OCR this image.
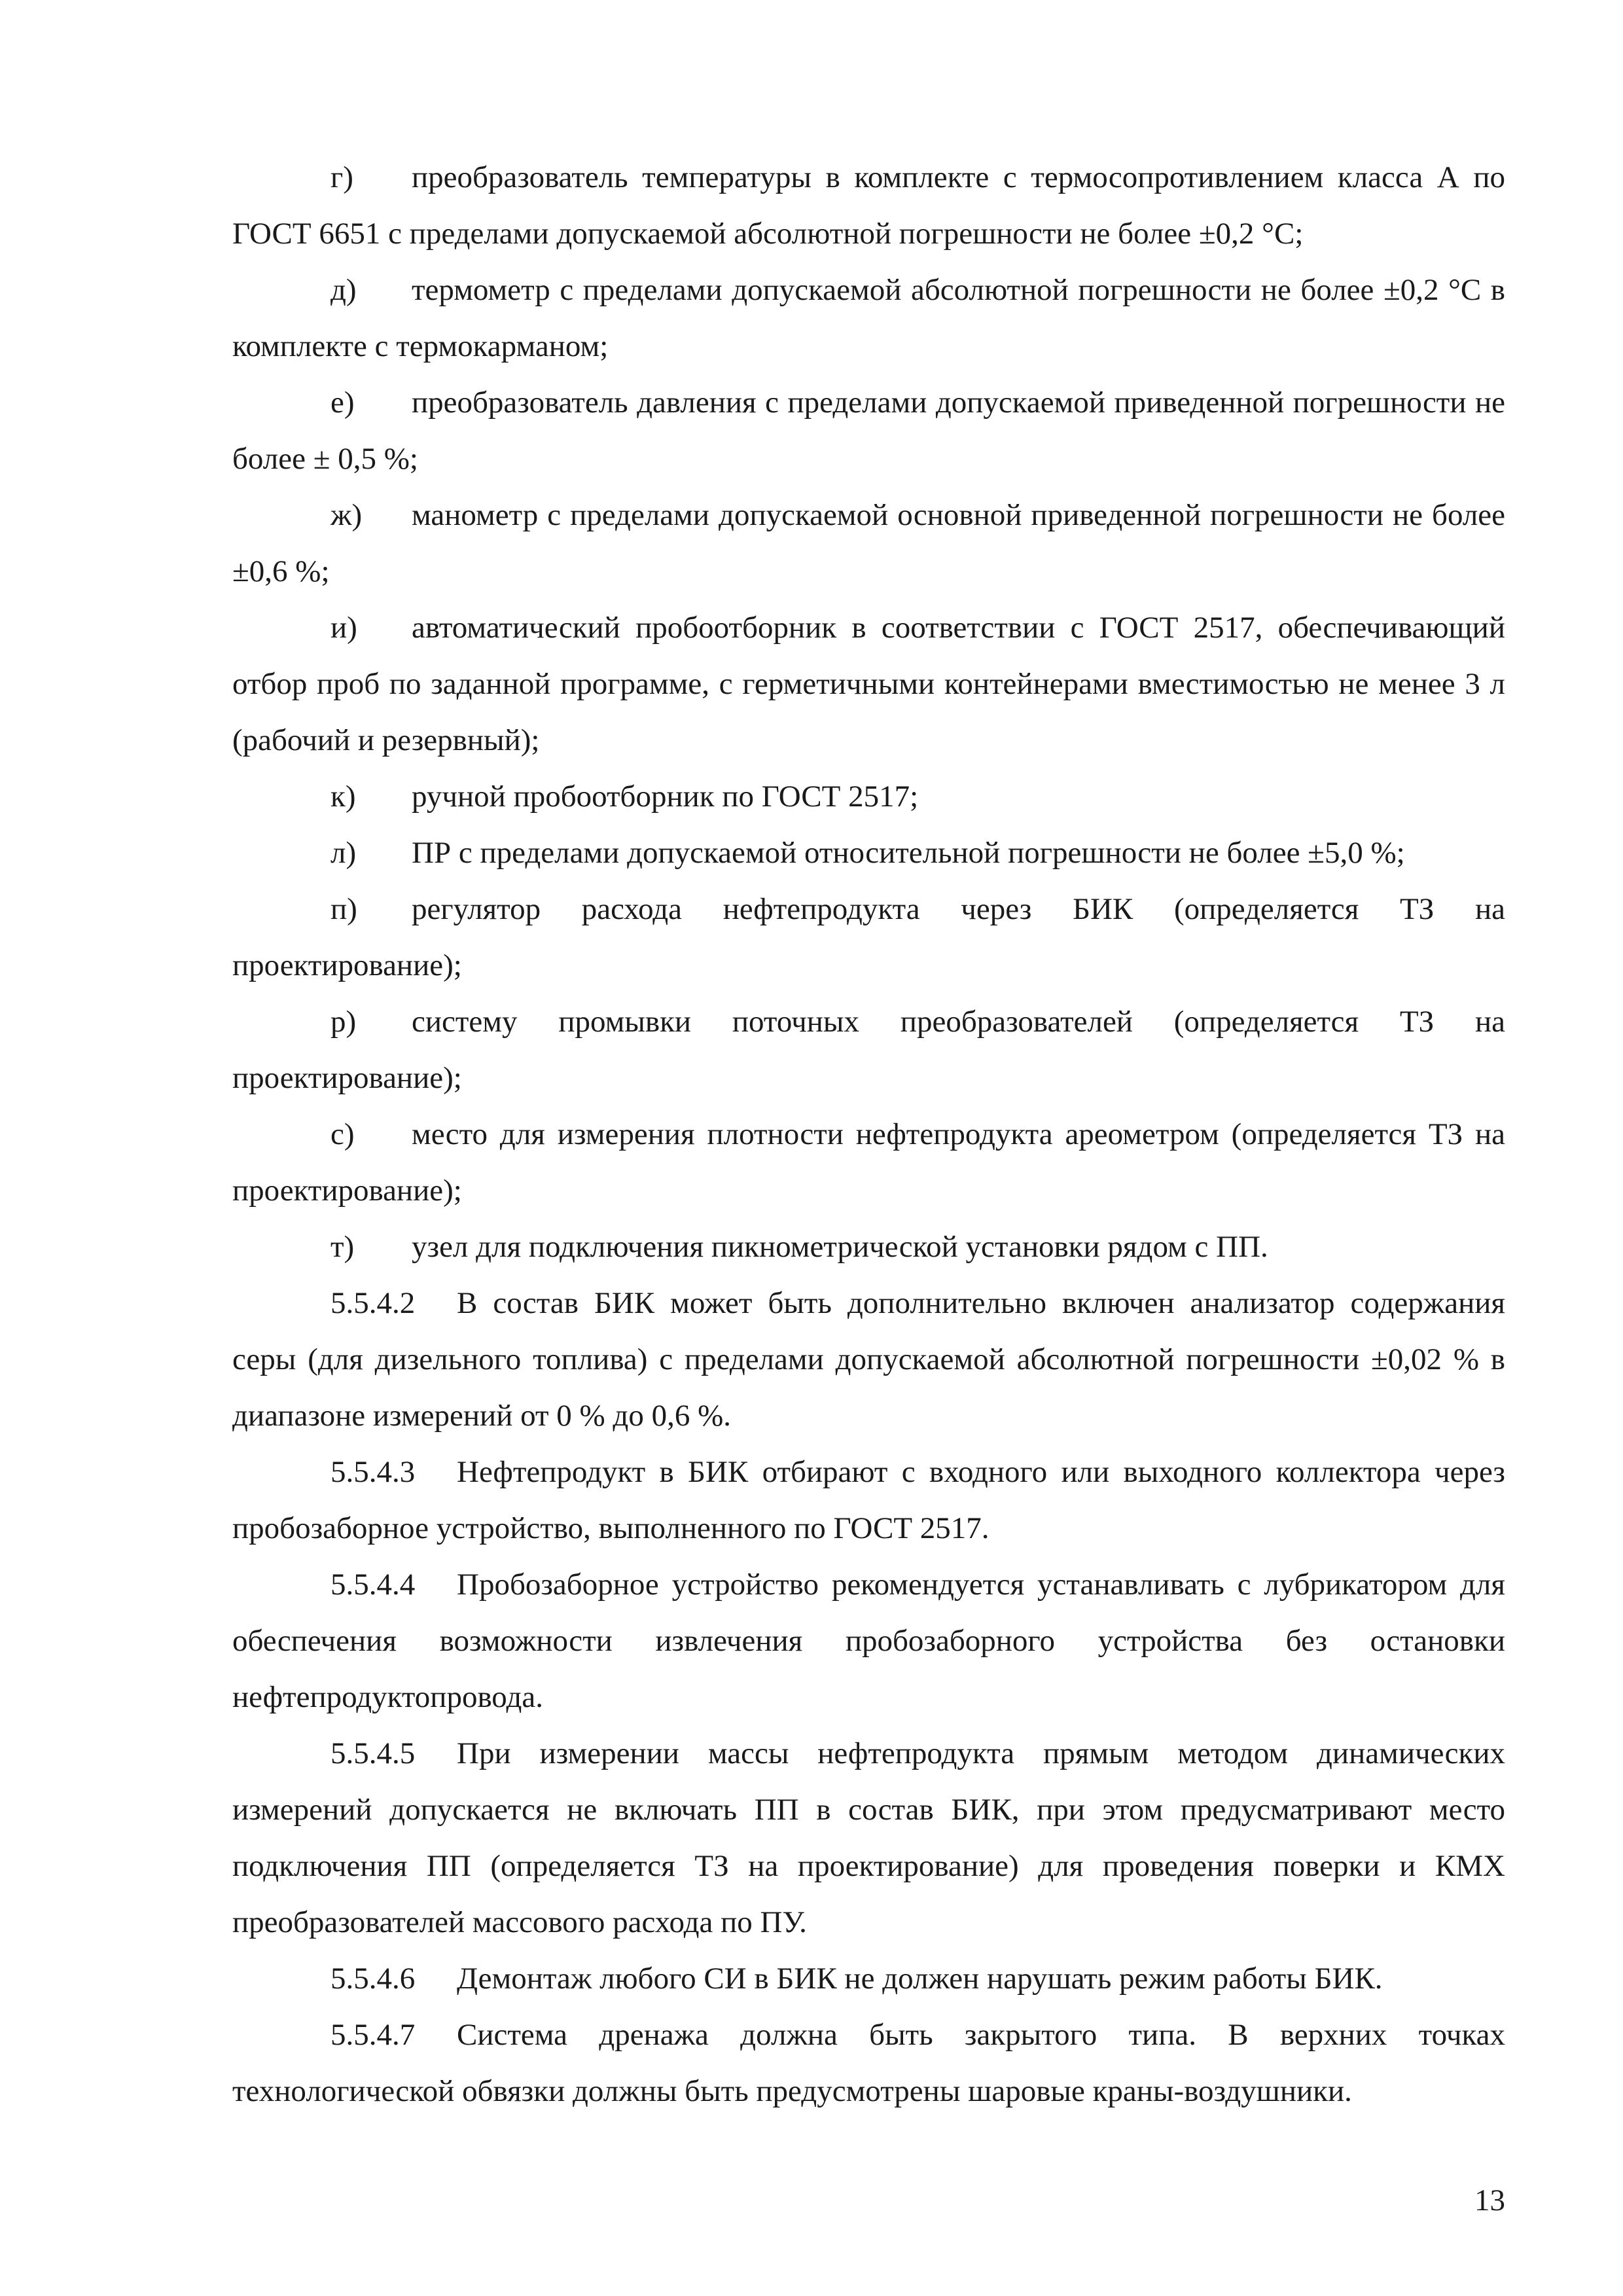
г) преобразователь температуры в комплекте с термосопротивлением класса А по ГОСТ 6651 с пределами допускаемой абсолютной погрешности не более ±0,2 °С;

д) термометр с пределами допускаемой абсолютной погрешности не более ±0,2 °С в комплекте с термокарманом;

е) преобразователь давления с пределами допускаемой приведенной погрешности не более ± 0,5 %;

ж) манометр с пределами допускаемой основной приведенной погрешности не более ±0,6 %;

и) автоматический пробоотборник в соответствии с ГОСТ 2517, обеспечивающий отбор проб по заданной программе, с герметичными контейнерами вместимостью не менее 3 л (рабочий и резервный);

к) ручной пробоотборник по ГОСТ 2517;

л) ПР с пределами допускаемой относительной погрешности не более ±5,0 %;

п) регулятор расхода нефтепродукта через БИК (определяется ТЗ на проектирование);

р) систему промывки поточных преобразователей (определяется ТЗ на проектирование);

с) место для измерения плотности нефтепродукта ареометром (определяется ТЗ на проектирование);

т) узел для подключения пикнометрической установки рядом с ПП.

5.5.4.2 В состав БИК может быть дополнительно включен анализатор содержания серы (для дизельного топлива) с пределами допускаемой абсолютной погрешности ±0,02 % в диапазоне измерений от 0 % до 0,6 %.

5.5.4.3 Нефтепродукт в БИК отбирают с входного или выходного коллектора через пробозаборное устройство, выполненного по ГОСТ 2517.

5.5.4.4 Пробозаборное устройство рекомендуется устанавливать с лубрикатором для обеспечения возможности извлечения пробозаборного устройства без остановки нефтепродуктопровода.

5.5.4.5 При измерении массы нефтепродукта прямым методом динамических измерений допускается не включать ПП в состав БИК, при этом предусматривают место подключения ПП (определяется ТЗ на проектирование) для проведения поверки и КМХ преобразователей массового расхода по ПУ.

5.5.4.6 Демонтаж любого СИ в БИК не должен нарушать режим работы БИК.

5.5.4.7 Система дренажа должна быть закрытого типа. В верхних точках технологической обвязки должны быть предусмотрены шаровые краны-воздушники.

13
